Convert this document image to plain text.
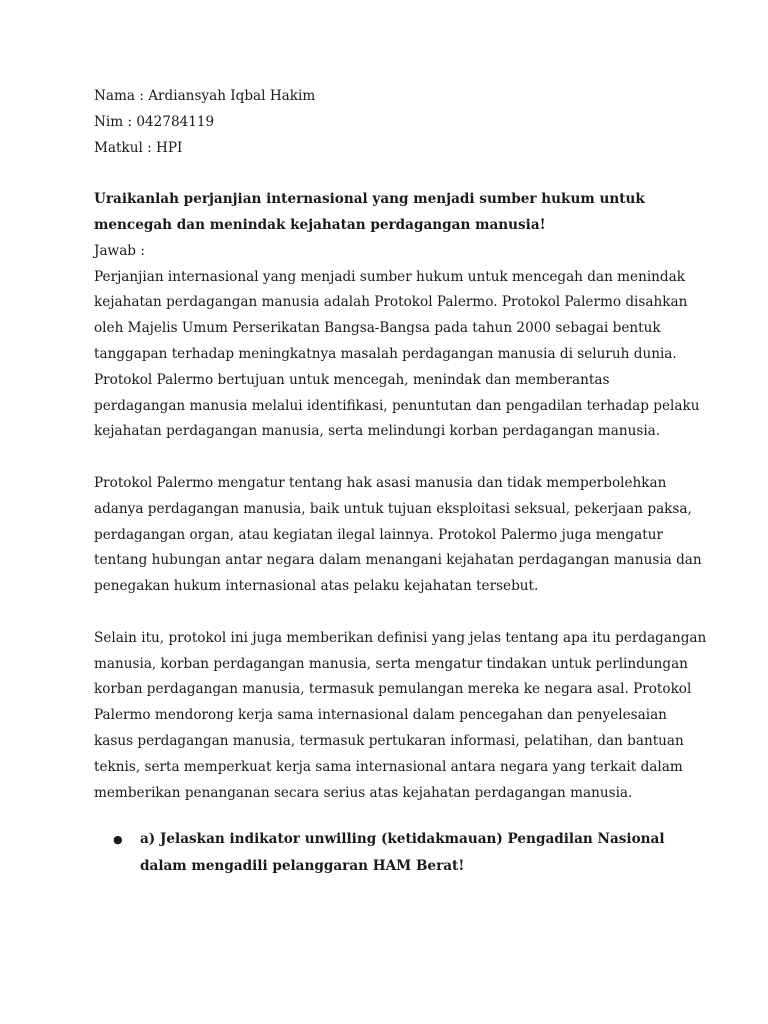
Nama : Ardiansyah Iqbal Hakim
Nim : 042784119
Matkul : HPI
Uraikanlah perjanjian internasional yang menjadi sumber hukum untuk
mencegah dan menindak kejahatan perdagangan manusia!
Jawab :
Perjanjian internasional yang menjadi sumber hukum untuk mencegah dan menindak
kejahatan perdagangan manusia adalah Protokol Palermo. Protokol Palermo disahkan
oleh Majelis Umum Perserikatan Bangsa-Bangsa pada tahun 2000 sebagai bentuk
tanggapan terhadap meningkatnya masalah perdagangan manusia di seluruh dunia.
Protokol Palermo bertujuan untuk mencegah, menindak dan memberantas
perdagangan manusia melalui identifikasi, penuntutan dan pengadilan terhadap pelaku
kejahatan perdagangan manusia, serta melindungi korban perdagangan manusia.
Protokol Palermo mengatur tentang hak asasi manusia dan tidak memperbolehkan
adanya perdagangan manusia, baik untuk tujuan eksploitasi seksual, pekerjaan paksa,
perdagangan organ, atau kegiatan ilegal lainnya. Protokol Palermo juga mengatur
tentang hubungan antar negara dalam menangani kejahatan perdagangan manusia dan
penegakan hukum internasional atas pelaku kejahatan tersebut.
Selain itu, protokol ini juga memberikan definisi yang jelas tentang apa itu perdagangan
manusia, korban perdagangan manusia, serta mengatur tindakan untuk perlindungan
korban perdagangan manusia, termasuk pemulangan mereka ke negara asal. Protokol
Palermo mendorong kerja sama internasional dalam pencegahan dan penyelesaian
kasus perdagangan manusia, termasuk pertukaran informasi, pelatihan, dan bantuan
teknis, serta memperkuat kerja sama internasional antara negara yang terkait dalam
memberikan penanganan secara serius atas kejahatan perdagangan manusia.
●	a) Jelaskan indikator unwilling (ketidakmauan) Pengadilan Nasional
dalam mengadili pelanggaran HAM Berat!
